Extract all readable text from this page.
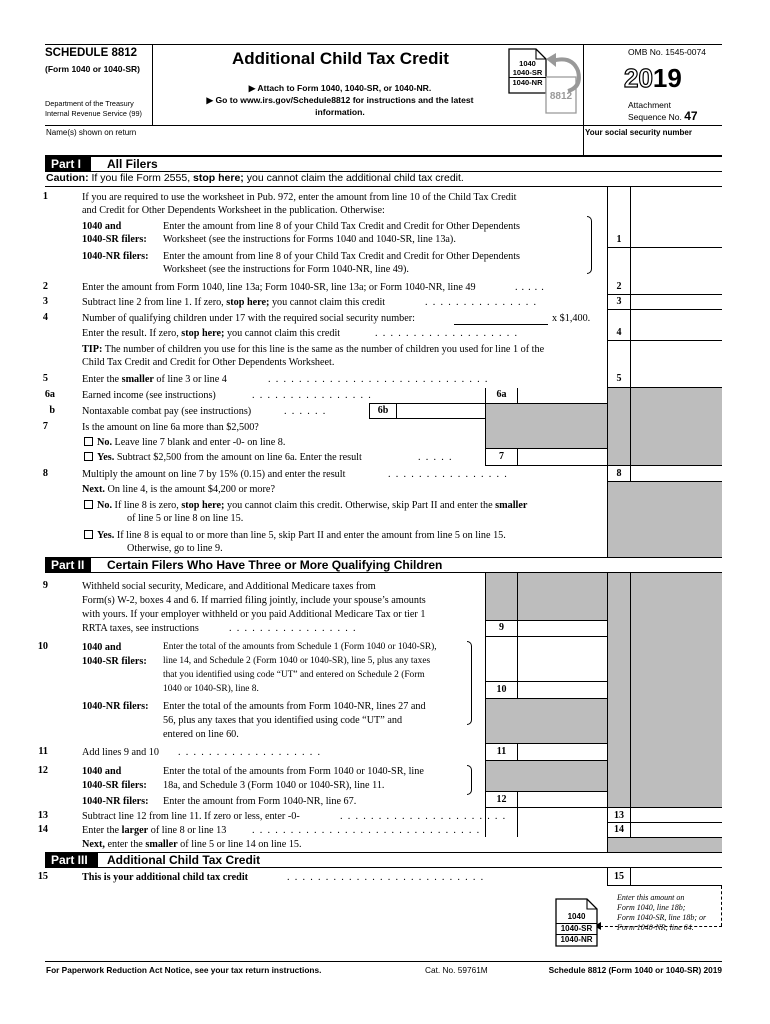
SCHEDULE 8812
(Form 1040 or 1040-SR)
Department of the Treasury
Internal Revenue Service (99)
Additional Child Tax Credit
▶ Attach to Form 1040, 1040-SR, or 1040-NR.
▶ Go to www.irs.gov/Schedule8812 for instructions and the latest
information.
1040
1040-SR
1040-NR
8812
OMB No. 1545-0074
2019
Attachment
Sequence No. 47
Name(s) shown on return	Your social security number
Part I	All Filers
Caution: If you file Form 2555, stop here; you cannot claim the additional child tax credit.
1	If you are required to use the worksheet in Pub. 972, enter the amount from line 10 of the Child Tax Credit
and Credit for Other Dependents Worksheet in the publication. Otherwise:
1040 and
1040-SR filers:
Enter the amount from line 8 of your Child Tax Credit and Credit for Other Dependents
Worksheet (see the instructions for Forms 1040 and 1040-SR, line 13a).
1040-NR filers: Enter the amount from line 8 of your Child Tax Credit and Credit for Other Dependents
Worksheet (see the instructions for Form 1040-NR, line 49).
1
2	Enter the amount from Form 1040, line 13a; Form 1040-SR, line 13a; or Form 1040-NR, line 49	.....	2
3	Subtract line 2 from line 1. If zero, stop here; you cannot claim this credit	...............	3
4	Number of qualifying children under 17 with the required social security number:	x $1,400.
Enter the result. If zero, stop here; you cannot claim this credit	...................	4
TIP: The number of children you use for this line is the same as the number of children you used for line 1 of the
Child Tax Credit and Credit for Other Dependents Worksheet.
5	Enter the smaller of line 3 or line 4	.............................	5
6a	Earned income (see instructions)	................	6a
b	Nontaxable combat pay (see instructions)	......	6b
7	Is the amount on line 6a more than $2,500?
No. Leave line 7 blank and enter -0- on line 8.
Yes. Subtract $2,500 from the amount on line 6a. Enter the result	.....	7
8	Multiply the amount on line 7 by 15% (0.15) and enter the result	................	8
Next. On line 4, is the amount $4,200 or more?
No. If line 8 is zero, stop here; you cannot claim this credit. Otherwise, skip Part II and enter the smaller
of line 5 or line 8 on line 15.
Yes. If line 8 is equal to or more than line 5, skip Part II and enter the amount from line 5 on line 15.
Otherwise, go to line 9.
Part II	Certain Filers Who Have Three or More Qualifying Children
9	Withheld social security, Medicare, and Additional Medicare taxes from
Form(s) W-2, boxes 4 and 6. If married filing jointly, include your spouse’s amounts
with yours. If your employer withheld or you paid Additional Medicare Tax or tier 1
RRTA taxes, see instructions	.................	9
10	1040 and
1040-SR filers:
Enter the total of the amounts from Schedule 1 (Form 1040 or 1040-SR),
line 14, and Schedule 2 (Form 1040 or 1040-SR), line 5, plus any taxes
that you identified using code “UT” and entered on Schedule 2 (Form
1040 or 1040-SR), line 8.
1040-NR filers: Enter the total of the amounts from Form 1040-NR, lines 27 and
56, plus any taxes that you identified using code “UT” and
entered on line 60.
10
11	Add lines 9 and 10 ...................	11
12	1040 and
1040-SR filers:
Enter the total of the amounts from Form 1040 or 1040-SR, line
18a, and Schedule 3 (Form 1040 or 1040-SR), line 11.
1040-NR filers: Enter the amount from Form 1040-NR, line 67.	12
13	Subtract line 12 from line 11. If zero or less, enter -0-	......................	13
14	Enter the larger of line 8 or line 13	..............................	14
Next, enter the smaller of line 5 or line 14 on line 15.
Part III	Additional Child Tax Credit
15	This is your additional child tax credit	..........................	15
Enter this amount on
Form 1040, line 18b;
Form 1040-SR, line 18b; or
Form 1040-NR, line 64.
1040
1040-SR
1040-NR
For Paperwork Reduction Act Notice, see your tax return instructions.	Cat. No. 59761M	Schedule 8812 (Form 1040 or 1040-SR) 2019
